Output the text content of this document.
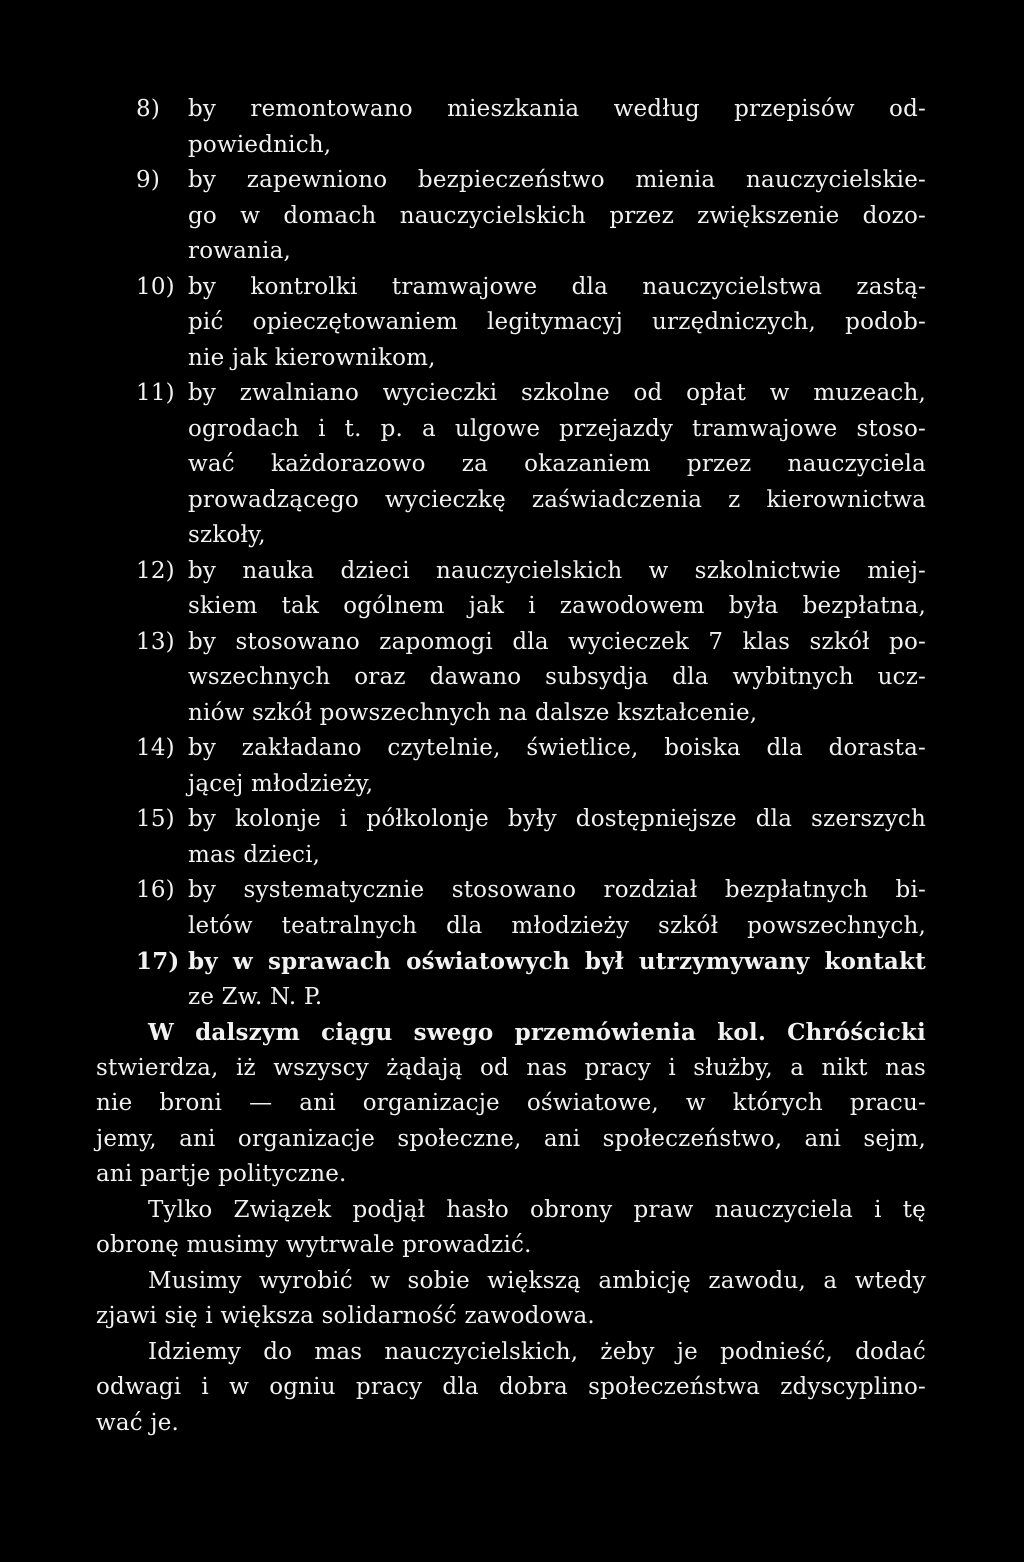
8) by remontowano mieszkania według przepisów od-
powiednich,
9) by zapewniono bezpieczeństwo mienia nauczycielskie-
go w domach nauczycielskich przez zwiększenie dozo-
rowania,
10) by kontrolki tramwajowe dla nauczycielstwa zastą-
pić opieczętowaniem legitymacyj urzędniczych, podob-
nie jak kierownikom,
11) by zwalniano wycieczki szkolne od opłat w muzeach,
ogrodach i t. p. a ulgowe przejazdy tramwajowe stoso-
wać każdorazowo za okazaniem przez nauczyciela
prowadzącego wycieczkę zaświadczenia z kierownictwa
szkoły,
12) by nauka dzieci nauczycielskich w szkolnictwie miej-
skiem tak ogólnem jak i zawodowem była bezpłatna,
13) by stosowano zapomogi dla wycieczek 7 klas szkół po-
wszechnych oraz dawano subsydja dla wybitnych ucz-
niów szkół powszechnych na dalsze kształcenie,
14) by zakładano czytelnie, świetlice, boiska dla dorasta-
jącej młodzieży,
15) by kolonje i półkolonje były dostępniejsze dla szerszych
mas dzieci,
16) by systematycznie stosowano rozdział bezpłatnych bi-
letów teatralnych dla młodzieży szkół powszechnych,
17) by w sprawach oświatowych był utrzymywany kontakt
ze Zw. N. P.
W dalszym ciągu swego przemówienia kol. Chróścicki
stwierdza, iż wszyscy żądają od nas pracy i służby, a nikt nas
nie broni — ani organizacje oświatowe, w których pracu-
jemy, ani organizacje społeczne, ani społeczeństwo, ani sejm,
ani partje polityczne.
Tylko Związek podjął hasło obrony praw nauczyciela i tę
obronę musimy wytrwale prowadzić.
Musimy wyrobić w sobie większą ambicję zawodu, a wtedy
zjawi się i większa solidarność zawodowa.
Idziemy do mas nauczycielskich, żeby je podnieść, dodać
odwagi i w ogniu pracy dla dobra społeczeństwa zdyscyplino-
wać je.
